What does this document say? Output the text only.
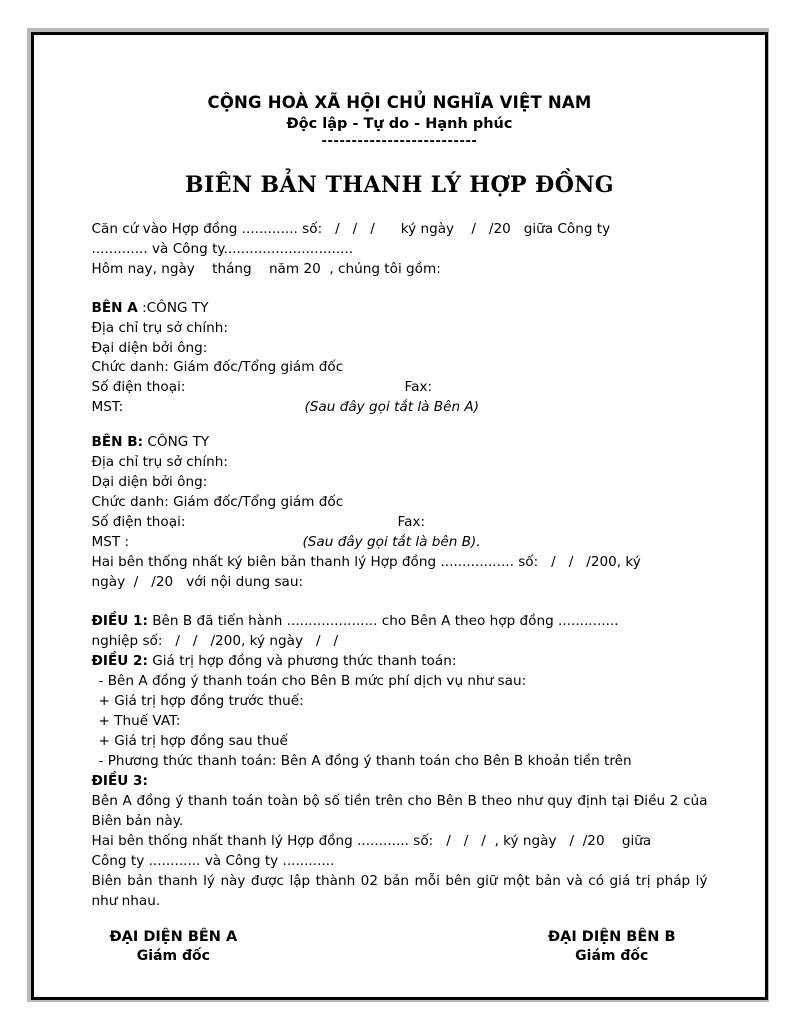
CỘNG HOÀ XÃ HỘI CHỦ NGHĨA VIỆT NAM
Độc lập - Tự do - Hạnh phúc
--------------------------
BIÊN BẢN THANH LÝ HỢP ĐỒNG
Căn cứ vào Hợp đồng ............. số:   /   /   /      ký ngày    /   /20   giữa Công ty
............. và Công ty..............................
Hôm nay, ngày    tháng    năm 20  , chúng tôi gồm:
BÊN A :CÔNG TY
Địa chỉ trụ sở chính:
Đại diện bởi ông:
Chức danh: Giám đốc/Tổng giám đốc
Số điện thoại:	Fax:
MST:	(Sau đây gọi tắt là Bên A)
BÊN B: CÔNG TY
Địa chỉ trụ sở chính:
Dại diện bởi ông:
Chức danh: Giám đốc/Tổng giám đốc
Số điện thoại:	Fax:
MST :	(Sau đây gọi tắt là bên B).
Hai bên thống nhất ký biên bản thanh lý Hợp đồng ................. số:   /   /   /200, ký
ngày  /   /20   với nội dung sau:
ĐIỀU 1: Bên B đã tiến hành ..................... cho Bên A theo hợp đồng ..............
nghiệp số:   /   /   /200, ký ngày   /   /
ĐIỀU 2: Giá trị hợp đồng và phương thức thanh toán:
- Bên A đồng ý thanh toán cho Bên B mức phí dịch vụ như sau:
+ Giá trị hợp đồng trước thuế:
+ Thuế VAT:
+ Giá trị hợp đồng sau thuế
- Phương thức thanh toán: Bên A đồng ý thanh toán cho Bên B khoản tiền trên
ĐIỀU 3:
Bên A đồng ý thanh toán toàn bộ số tiền trên cho Bên B theo như quy định tại Điều 2 của Biên bản này.
Hai bên thống nhất thanh lý Hợp đồng ............ số:   /   /   /  , ký ngày   /  /20    giữa
Công ty ............ và Công ty ............
Biên bản thanh lý này được lập thành 02 bản mỗi bên giữ một bản và có giá trị pháp lý như nhau.
ĐẠI DIỆN BÊN A
Giám đốc
ĐẠI DIỆN BÊN B
Giám đốc
